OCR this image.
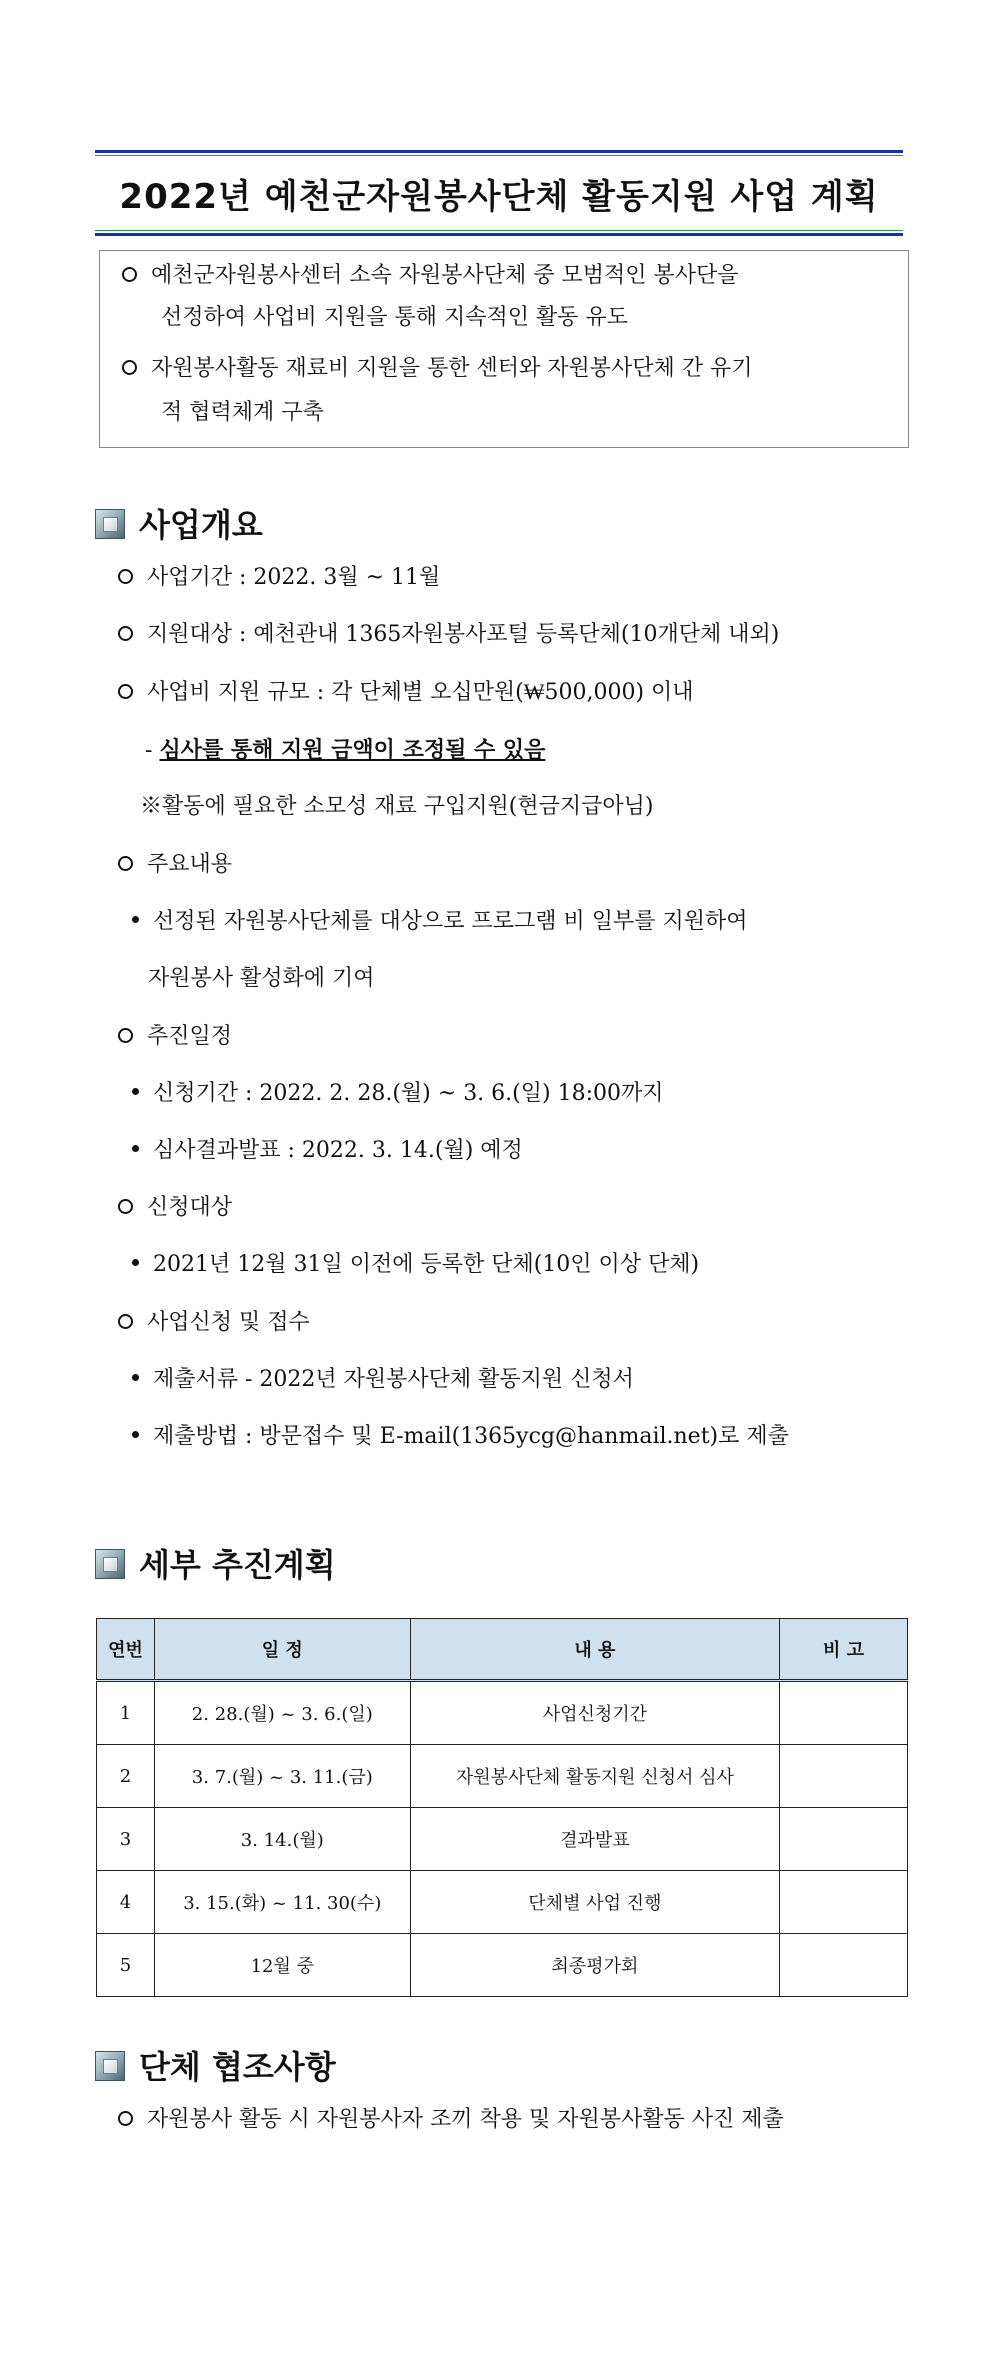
2022년 예천군자원봉사단체 활동지원 사업 계획
예천군자원봉사센터 소속 자원봉사단체 중 모범적인 봉사단을
선정하여 사업비 지원을 통해 지속적인 활동 유도
자원봉사활동 재료비 지원을 통한 센터와 자원봉사단체 간 유기
적 협력체계 구축
사업개요
사업기간 : 2022. 3월 ~ 11월
지원대상 : 예천관내 1365자원봉사포털 등록단체(10개단체 내외)
사업비 지원 규모 : 각 단체별 오십만원(₩500,000) 이내
- 심사를 통해 지원 금액이 조정될 수 있음
※활동에 필요한 소모성 재료 구입지원(현금지급아님)
주요내용
선정된 자원봉사단체를 대상으로 프로그램 비 일부를 지원하여
자원봉사 활성화에 기여
추진일정
신청기간 : 2022. 2. 28.(월) ~ 3. 6.(일) 18:00까지
심사결과발표 : 2022. 3. 14.(월) 예정
신청대상
2021년 12월 31일 이전에 등록한 단체(10인 이상 단체)
사업신청 및 접수
제출서류 - 2022년 자원봉사단체 활동지원 신청서
제출방법 : 방문접수 및 E-mail(1365ycg@hanmail.net)로 제출
세부 추진계획
연번	일 정	내 용	비 고
1	2. 28.(월) ~ 3. 6.(일)	사업신청기간	
2	3. 7.(월) ~ 3. 11.(금)	자원봉사단체 활동지원 신청서 심사	
3	3. 14.(월)	결과발표	
4	3. 15.(화) ~ 11. 30(수)	단체별 사업 진행	
5	12월 중	최종평가회	
단체 협조사항
자원봉사 활동 시 자원봉사자 조끼 착용 및 자원봉사활동 사진 제출
